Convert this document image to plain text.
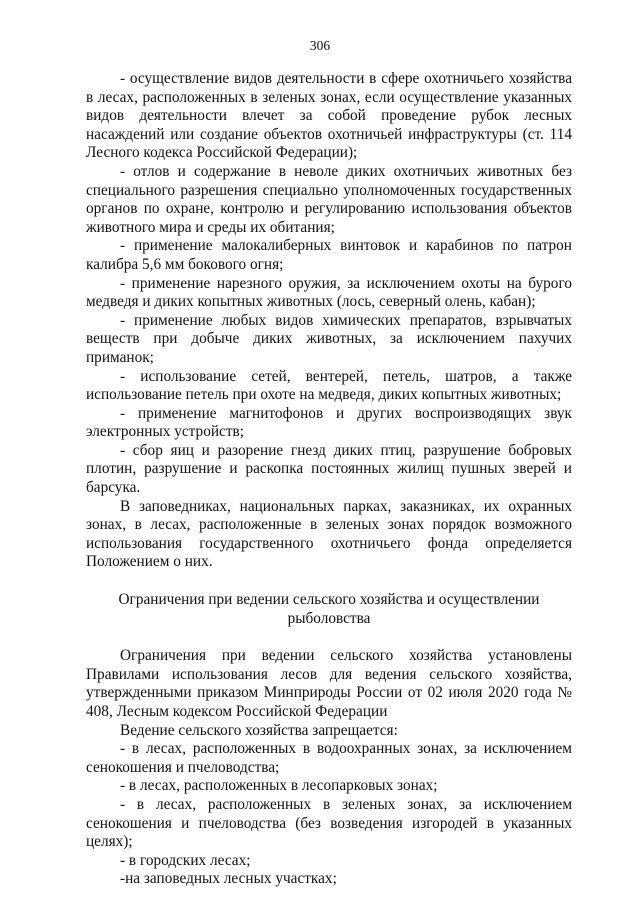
306

- осуществление видов деятельности в сфере охотничьего хозяйства в лесах, расположенных в зеленых зонах, если осуществление указанных видов деятельности влечет за собой проведение рубок лесных насаждений или создание объектов охотничьей инфраструктуры (ст. 114 Лесного кодекса Российской Федерации);

- отлов и содержание в неволе диких охотничьих животных без специального разрешения специально уполномоченных государственных органов по охране, контролю и регулированию использования объектов животного мира и среды их обитания;

- применение малокалиберных винтовок и карабинов по патрон калибра 5,6 мм бокового огня;

- применение нарезного оружия, за исключением охоты на бурого медведя и диких копытных животных (лось, северный олень, кабан);

- применение любых видов химических препаратов, взрывчатых веществ при добыче диких животных, за исключением пахучих приманок;

- использование сетей, вентерей, петель, шатров, а также использование петель при охоте на медведя, диких копытных животных;

- применение магнитофонов и других воспроизводящих звук электронных устройств;

- сбор яиц и разорение гнезд диких птиц, разрушение бобровых плотин, разрушение и раскопка постоянных жилищ пушных зверей и барсука.

В заповедниках, национальных парках, заказниках, их охранных зонах, в лесах, расположенные в зеленых зонах порядок возможного использования государственного охотничьего фонда определяется Положением о них.

Ограничения при ведении сельского хозяйства и осуществлении

рыболовства

Ограничения при ведении сельского хозяйства установлены Правилами использования лесов для ведения сельского хозяйства, утвержденными приказом Минприроды России от 02 июля 2020 года № 408, Лесным кодексом Российской Федерации

Ведение сельского хозяйства запрещается:

- в лесах, расположенных в водоохранных зонах, за исключением сенокошения и пчеловодства;

- в лесах, расположенных в лесопарковых зонах;

- в лесах, расположенных в зеленых зонах, за исключением сенокошения и пчеловодства (без возведения изгородей в указанных целях);

- в городских лесах;

-на заповедных лесных участках;
